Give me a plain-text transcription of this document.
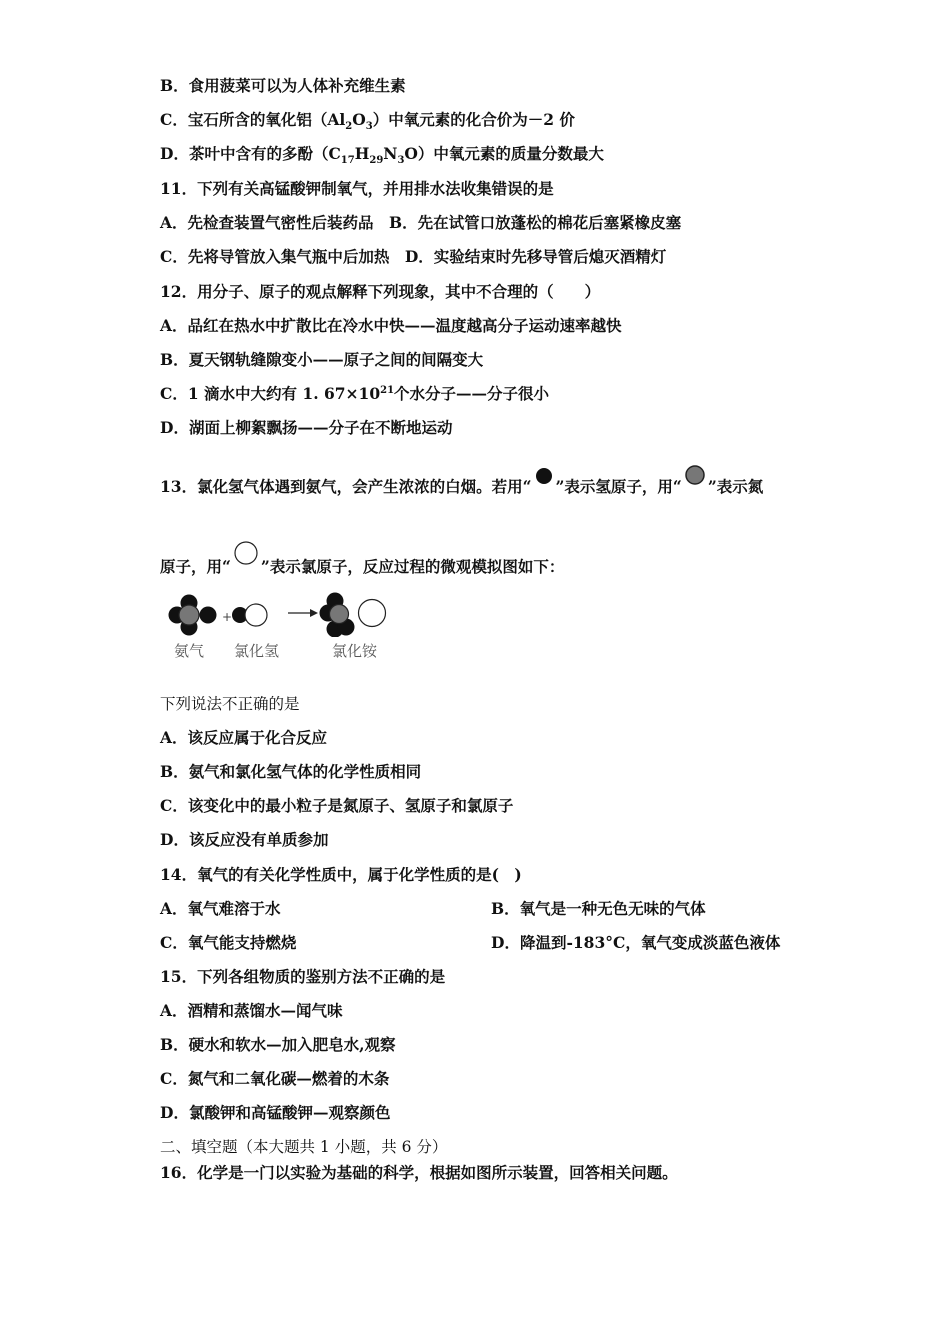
B．食用菠菜可以为人体补充维生素
C．宝石所含的氧化铝$(Al_2O_3)$中氧元素的化合价为－2 价
D．茶叶中含有的多酚$(C_{17}H_{29}N_3O)$中氧元素的质量分数最大
11．下列有关高锰酸钾制氧气，并用排水法收集错误的是
A．先检查装置气密性后装药品　B．先在试管口放蓬松的棉花后塞紧橡皮塞
C．先将导管放入集气瓶中后加热　D．实验结束时先移导管后熄灭酒精灯
12．用分子、原子的观点解释下列现象，其中不合理的（　　）
A．品红在热水中扩散比在冷水中快——温度越高分子运动速率越快
B．夏天钢轨缝隙变小——原子之间的间隔变大
C．1 滴水中大约有 1. $67\times 10^{21}$个水分子——分子很小
D．湖面上柳絮飘扬——分子在不断地运动
13．氯化氢气体遇到氨气，会产生浓浓的白烟。若用“ ”表示氢原子，用“ ”表示氮
原子，用“ ”表示氯原子，反应过程的微观模拟图如下：
+
氨气 氯化氢	氯化铵
下列说法不正确的是
A．该反应属于化合反应
B．氨气和氯化氢气体的化学性质相同
C．该变化中的最小粒子是氮原子、氢原子和氯原子
D．该反应没有单质参加
14．氧气的有关化学性质中，属于化学性质的是(　)
A．氧气难溶于水	B．氧气是一种无色无味的气体
C．氧气能支持燃烧	D．降温到-183°C，氧气变成淡蓝色液体
15．下列各组物质的鉴别方法不正确的是
A．酒精和蒸馏水—闻气味
B．硬水和软水—加入肥皂水,观察
C．氮气和二氧化碳—燃着的木条
D．氯酸钾和高锰酸钾—观察颜色
二、填空题（本大题共 1 小题，共 6 分）
16．化学是一门以实验为基础的科学，根据如图所示装置，回答相关问题。
